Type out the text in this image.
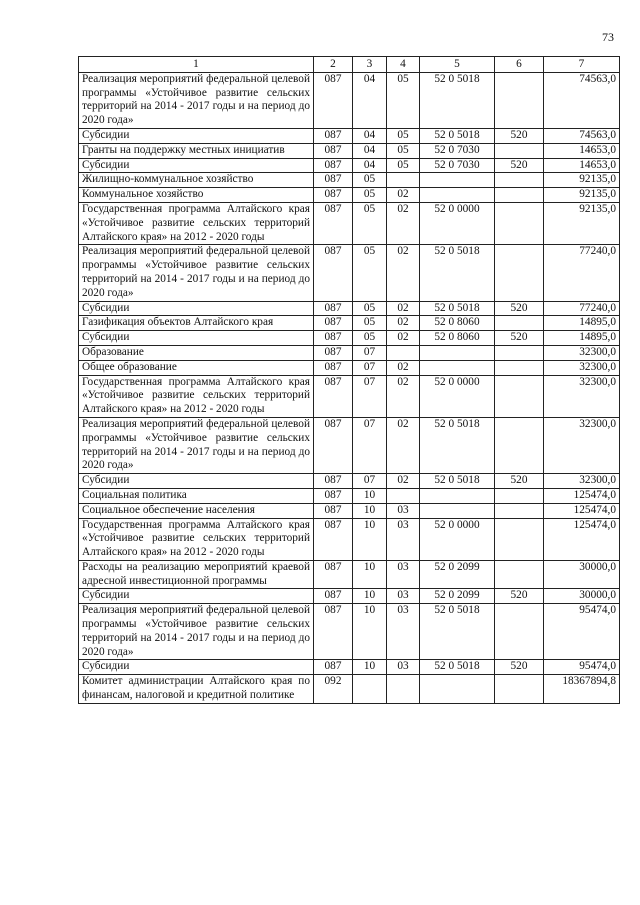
73
1	2	3	4	5	6	7
Реализация мероприятий федеральной целевой программы «Устойчивое развитие сельских территорий на 2014 - 2017 годы и на период до 2020 года»	087	04	05	52 0 5018		74563,0
Субсидии	087	04	05	52 0 5018	520	74563,0
Гранты на поддержку местных инициатив	087	04	05	52 0 7030		14653,0
Субсидии	087	04	05	52 0 7030	520	14653,0
Жилищно-коммунальное хозяйство	087	05				92135,0
Коммунальное хозяйство	087	05	02			92135,0
Государственная программа Алтайского края «Устойчивое развитие сельских территорий Алтайского края» на 2012 - 2020 годы	087	05	02	52 0 0000		92135,0
Реализация мероприятий федеральной целевой программы «Устойчивое развитие сельских территорий на 2014 - 2017 годы и на период до 2020 года»	087	05	02	52 0 5018		77240,0
Субсидии	087	05	02	52 0 5018	520	77240,0
Газификация объектов Алтайского края	087	05	02	52 0 8060		14895,0
Субсидии	087	05	02	52 0 8060	520	14895,0
Образование	087	07				32300,0
Общее образование	087	07	02			32300,0
Государственная программа Алтайского края «Устойчивое развитие сельских территорий Алтайского края» на 2012 - 2020 годы	087	07	02	52 0 0000		32300,0
Реализация мероприятий федеральной целевой программы «Устойчивое развитие сельских территорий на 2014 - 2017 годы и на период до 2020 года»	087	07	02	52 0 5018		32300,0
Субсидии	087	07	02	52 0 5018	520	32300,0
Социальная политика	087	10				125474,0
Социальное обеспечение населения	087	10	03			125474,0
Государственная программа Алтайского края «Устойчивое развитие сельских территорий Алтайского края» на 2012 - 2020 годы	087	10	03	52 0 0000		125474,0
Расходы на реализацию мероприятий краевой адресной инвестиционной программы	087	10	03	52 0 2099		30000,0
Субсидии	087	10	03	52 0 2099	520	30000,0
Реализация мероприятий федеральной целевой программы «Устойчивое развитие сельских территорий на 2014 - 2017 годы и на период до 2020 года»	087	10	03	52 0 5018		95474,0
Субсидии	087	10	03	52 0 5018	520	95474,0
Комитет администрации Алтайского края по финансам, налоговой и кредитной политике	092					18367894,8
